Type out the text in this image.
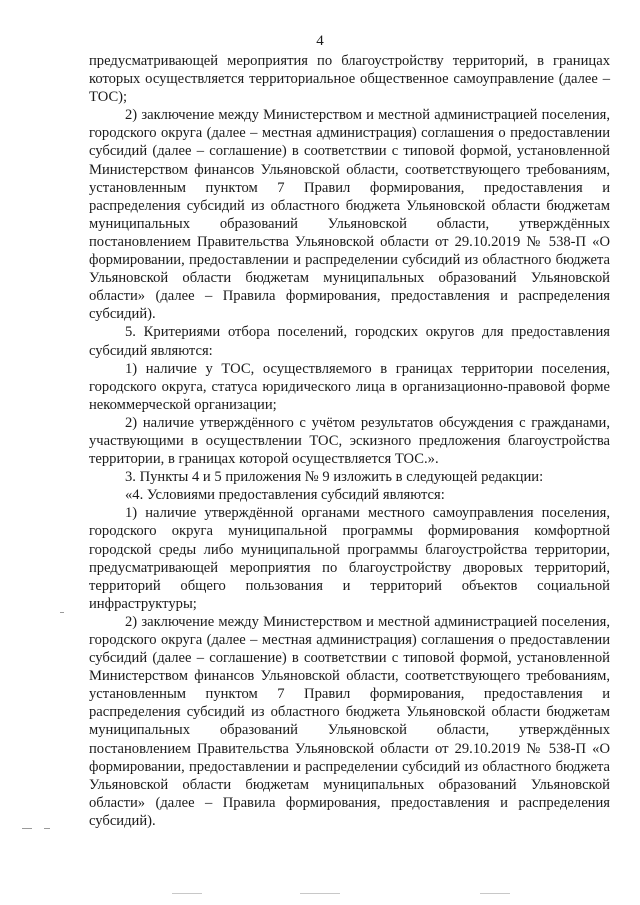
4

предусматривающей мероприятия по благоустройству территорий, в границах которых осуществляется территориальное общественное самоуправление (далее – ТОС);

2) заключение между Министерством и местной администрацией поселения, городского округа (далее – местная администрация) соглашения о предоставлении субсидий (далее – соглашение) в соответствии с типовой формой, установленной Министерством финансов Ульяновской области, соответствующего требованиям, установленным пунктом 7 Правил формирования, предоставления и распределения субсидий из областного бюджета Ульяновской области бюджетам муниципальных образований Ульяновской области, утверждённых постановлением Правительства Ульяновской области от 29.10.2019 № 538-П «О формировании, предоставлении и распределении субсидий из областного бюджета Ульяновской области бюджетам муниципальных образований Ульяновской области» (далее – Правила формирования, предоставления и распределения субсидий).

5. Критериями отбора поселений, городских округов для предоставления субсидий являются:

1) наличие у ТОС, осуществляемого в границах территории поселения, городского округа, статуса юридического лица в организационно-правовой форме некоммерческой организации;

2) наличие утверждённого с учётом результатов обсуждения с гражданами, участвующими в осуществлении ТОС, эскизного предложения благоустройства территории, в границах которой осуществляется ТОС.».

3. Пункты 4 и 5 приложения № 9 изложить в следующей редакции:

«4. Условиями предоставления субсидий являются:

1) наличие утверждённой органами местного самоуправления поселения, городского округа муниципальной программы формирования комфортной городской среды либо муниципальной программы благоустройства территории, предусматривающей мероприятия по благоустройству дворовых территорий, территорий общего пользования и территорий объектов социальной инфраструктуры;

2) заключение между Министерством и местной администрацией поселения, городского округа (далее – местная администрация) соглашения о предоставлении субсидий (далее – соглашение) в соответствии с типовой формой, установленной Министерством финансов Ульяновской области, соответствующего требованиям, установленным пунктом 7 Правил формирования, предоставления и распределения субсидий из областного бюджета Ульяновской области бюджетам муниципальных образований Ульяновской области, утверждённых постановлением Правительства Ульяновской области от 29.10.2019 № 538-П «О формировании, предоставлении и распределении субсидий из областного бюджета Ульяновской области бюджетам муниципальных образований Ульяновской области» (далее – Правила формирования, предоставления и распределения субсидий).
